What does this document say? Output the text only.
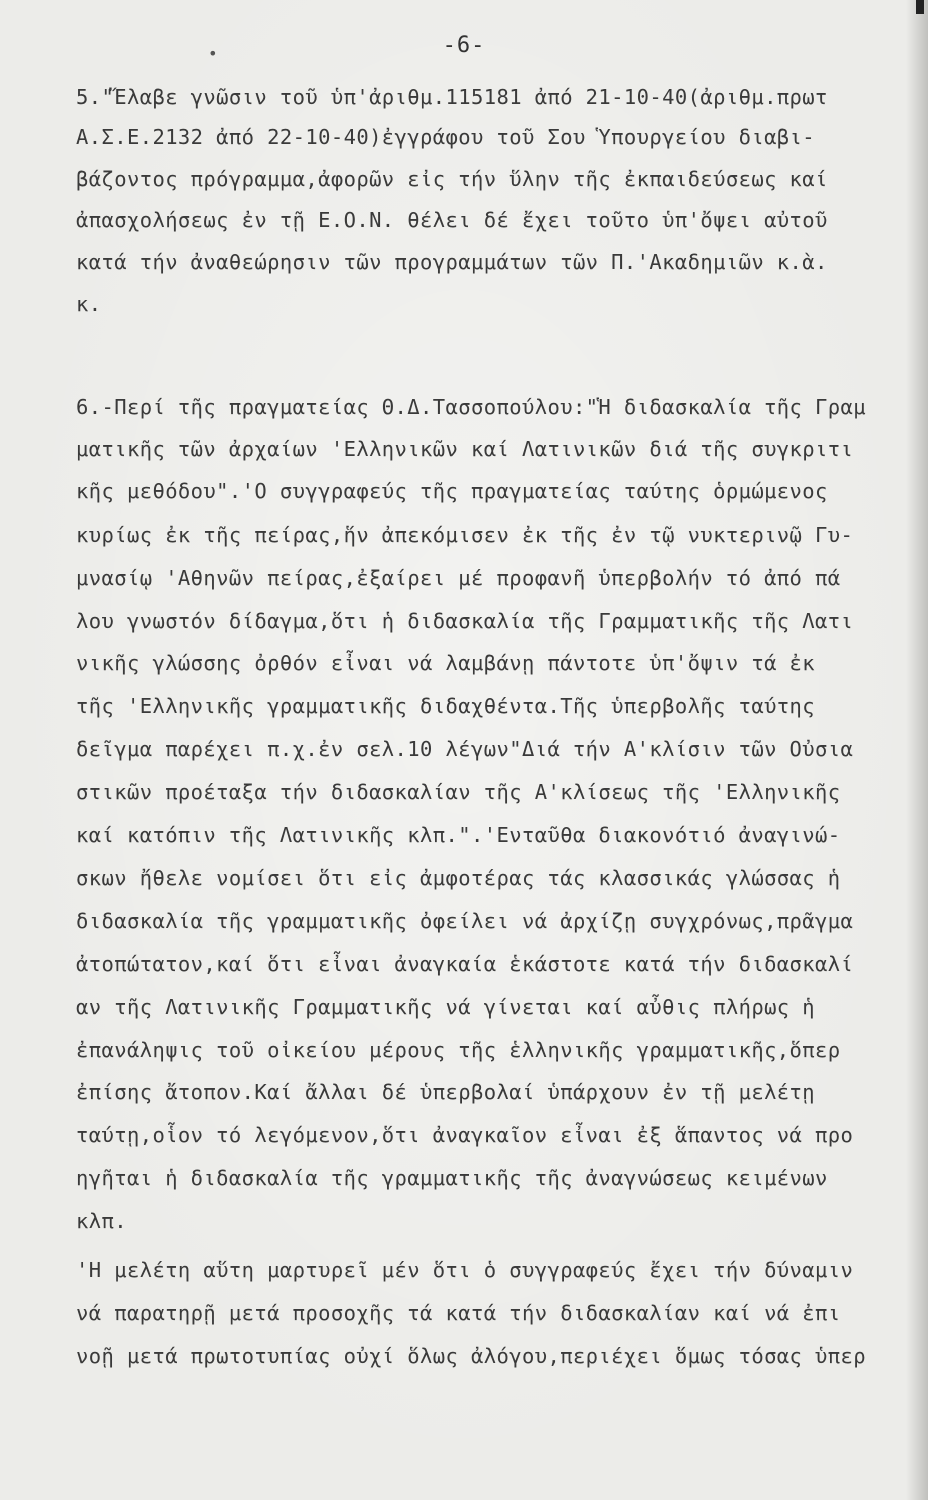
•	-6-
5."Ἔλαβε γνῶσιν τοῦ ὑπ'ἀριθμ.115181 ἀπό 21-10-40(ἀριθμ.πρωτ
Α.Σ.Ε.2132 ἀπό 22-10-40)ἐγγράφου τοῦ Σου Ὑπουργείου διαβι-
βάζοντος πρόγραμμα,ἀφορῶν εἰς τήν ὕλην τῆς ἐκπαιδεύσεως καί
ἀπασχολήσεως ἐν τῇ Ε.Ο.Ν. θέλει δέ ἔχει τοῦτο ὑπ'ὄψει αὐτοῦ
κατά τήν ἀναθεώρησιν τῶν προγραμμάτων τῶν Π.'Ακαδημιῶν κ.ὰ.
κ.
6.-Περί τῆς πραγματείας Θ.Δ.Τασσοπούλου:"Ἡ διδασκαλία τῆς Γραμ
ματικῆς τῶν ἀρχαίων 'Ελληνικῶν καί Λατινικῶν διά τῆς συγκριτι
κῆς μεθόδου".'Ο συγγραφεύς τῆς πραγματείας ταύτης ὁρμώμενος
κυρίως ἐκ τῆς πείρας,ἥν ἀπεκόμισεν ἐκ τῆς ἐν τῷ νυκτερινῷ Γυ-
μνασίῳ 'Αθηνῶν πείρας,ἐξαίρει μέ προφανῆ ὑπερβολήν τό ἀπό πά
λου γνωστόν δίδαγμα,ὅτι ἡ διδασκαλία τῆς Γραμματικῆς τῆς Λατι
νικῆς γλώσσης ὀρθόν εἶναι νά λαμβάνῃ πάντοτε ὑπ'ὄψιν τά ἐκ
τῆς 'Ελληνικῆς γραμματικῆς διδαχθέντα.Τῆς ὑπερβολῆς ταύτης
δεῖγμα παρέχει π.χ.ἐν σελ.10 λέγων"Διά τήν Α'κλίσιν τῶν Οὐσια
στικῶν προέταξα τήν διδασκαλίαν τῆς Α'κλίσεως τῆς 'Ελληνικῆς
καί κατόπιν τῆς Λατινικῆς κλπ.".'Ενταῦθα διακονότιό ἀναγινώ-
σκων ἤθελε νομίσει ὅτι εἰς ἀμφοτέρας τάς κλασσικάς γλώσσας ἡ
διδασκαλία τῆς γραμματικῆς ὀφείλει νά ἀρχίζῃ συγχρόνως,πρᾶγμα
ἀτοπώτατον,καί ὅτι εἶναι ἀναγκαία ἑκάστοτε κατά τήν διδασκαλί
αν τῆς Λατινικῆς Γραμματικῆς νά γίνεται καί αὖθις πλήρως ἡ
ἐπανάληψις τοῦ οἰκείου μέρους τῆς ἑλληνικῆς γραμματικῆς,ὅπερ
ἐπίσης ἄτοπον.Καί ἄλλαι δέ ὑπερβολαί ὑπάρχουν ἐν τῇ μελέτῃ
ταύτῃ,οἷον τό λεγόμενον,ὅτι ἀναγκαῖον εἶναι ἐξ ἅπαντος νά προ
ηγῆται ἡ διδασκαλία τῆς γραμματικῆς τῆς ἀναγνώσεως κειμένων
κλπ.
'Η μελέτη αὕτη μαρτυρεῖ μέν ὅτι ὁ συγγραφεύς ἔχει τήν δύναμιν
νά παρατηρῇ μετά προσοχῆς τά κατά τήν διδασκαλίαν καί νά ἐπι
νοῇ μετά πρωτοτυπίας οὐχί ὅλως ἀλόγου,περιέχει ὅμως τόσας ὑπερ
